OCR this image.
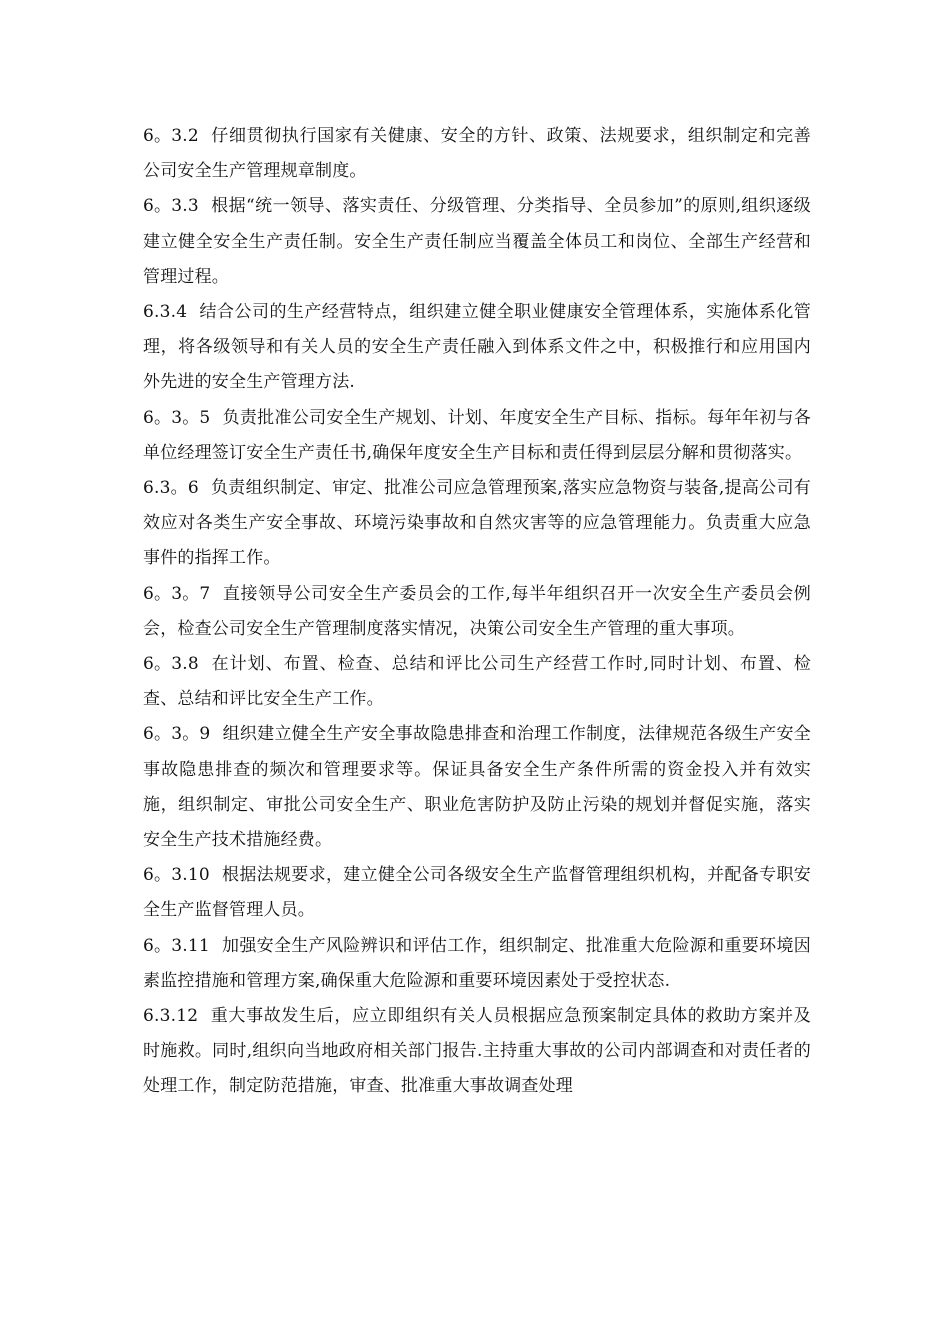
6。3.2 仔细贯彻执行国家有关健康、安全的方针、政策、法规要求，组织制定和完善公司安全生产管理规章制度。

6。3.3 根据“统一领导、落实责任、分级管理、分类指导、全员参加”的原则,组织逐级建立健全安全生产责任制。安全生产责任制应当覆盖全体员工和岗位、全部生产经营和管理过程。

6.3.4 结合公司的生产经营特点，组织建立健全职业健康安全管理体系，实施体系化管理，将各级领导和有关人员的安全生产责任融入到体系文件之中，积极推行和应用国内外先进的安全生产管理方法.

6。3。5 负责批准公司安全生产规划、计划、年度安全生产目标、指标。每年年初与各单位经理签订安全生产责任书,确保年度安全生产目标和责任得到层层分解和贯彻落实。

6.3。6 负责组织制定、审定、批准公司应急管理预案,落实应急物资与装备,提高公司有效应对各类生产安全事故、环境污染事故和自然灾害等的应急管理能力。负责重大应急事件的指挥工作。

6。3。7 直接领导公司安全生产委员会的工作,每半年组织召开一次安全生产委员会例会，检查公司安全生产管理制度落实情况，决策公司安全生产管理的重大事项。

6。3.8 在计划、布置、检查、总结和评比公司生产经营工作时,同时计划、布置、检查、总结和评比安全生产工作。

6。3。9 组织建立健全生产安全事故隐患排查和治理工作制度，法律规范各级生产安全事故隐患排查的频次和管理要求等。保证具备安全生产条件所需的资金投入并有效实施，组织制定、审批公司安全生产、职业危害防护及防止污染的规划并督促实施，落实安全生产技术措施经费。

6。3.10 根据法规要求，建立健全公司各级安全生产监督管理组织机构，并配备专职安全生产监督管理人员。

6。3.11 加强安全生产风险辨识和评估工作，组织制定、批准重大危险源和重要环境因素监控措施和管理方案,确保重大危险源和重要环境因素处于受控状态.

6.3.12 重大事故发生后，应立即组织有关人员根据应急预案制定具体的救助方案并及时施救。同时,组织向当地政府相关部门报告.主持重大事故的公司内部调查和对责任者的处理工作，制定防范措施，审查、批准重大事故调查处理
